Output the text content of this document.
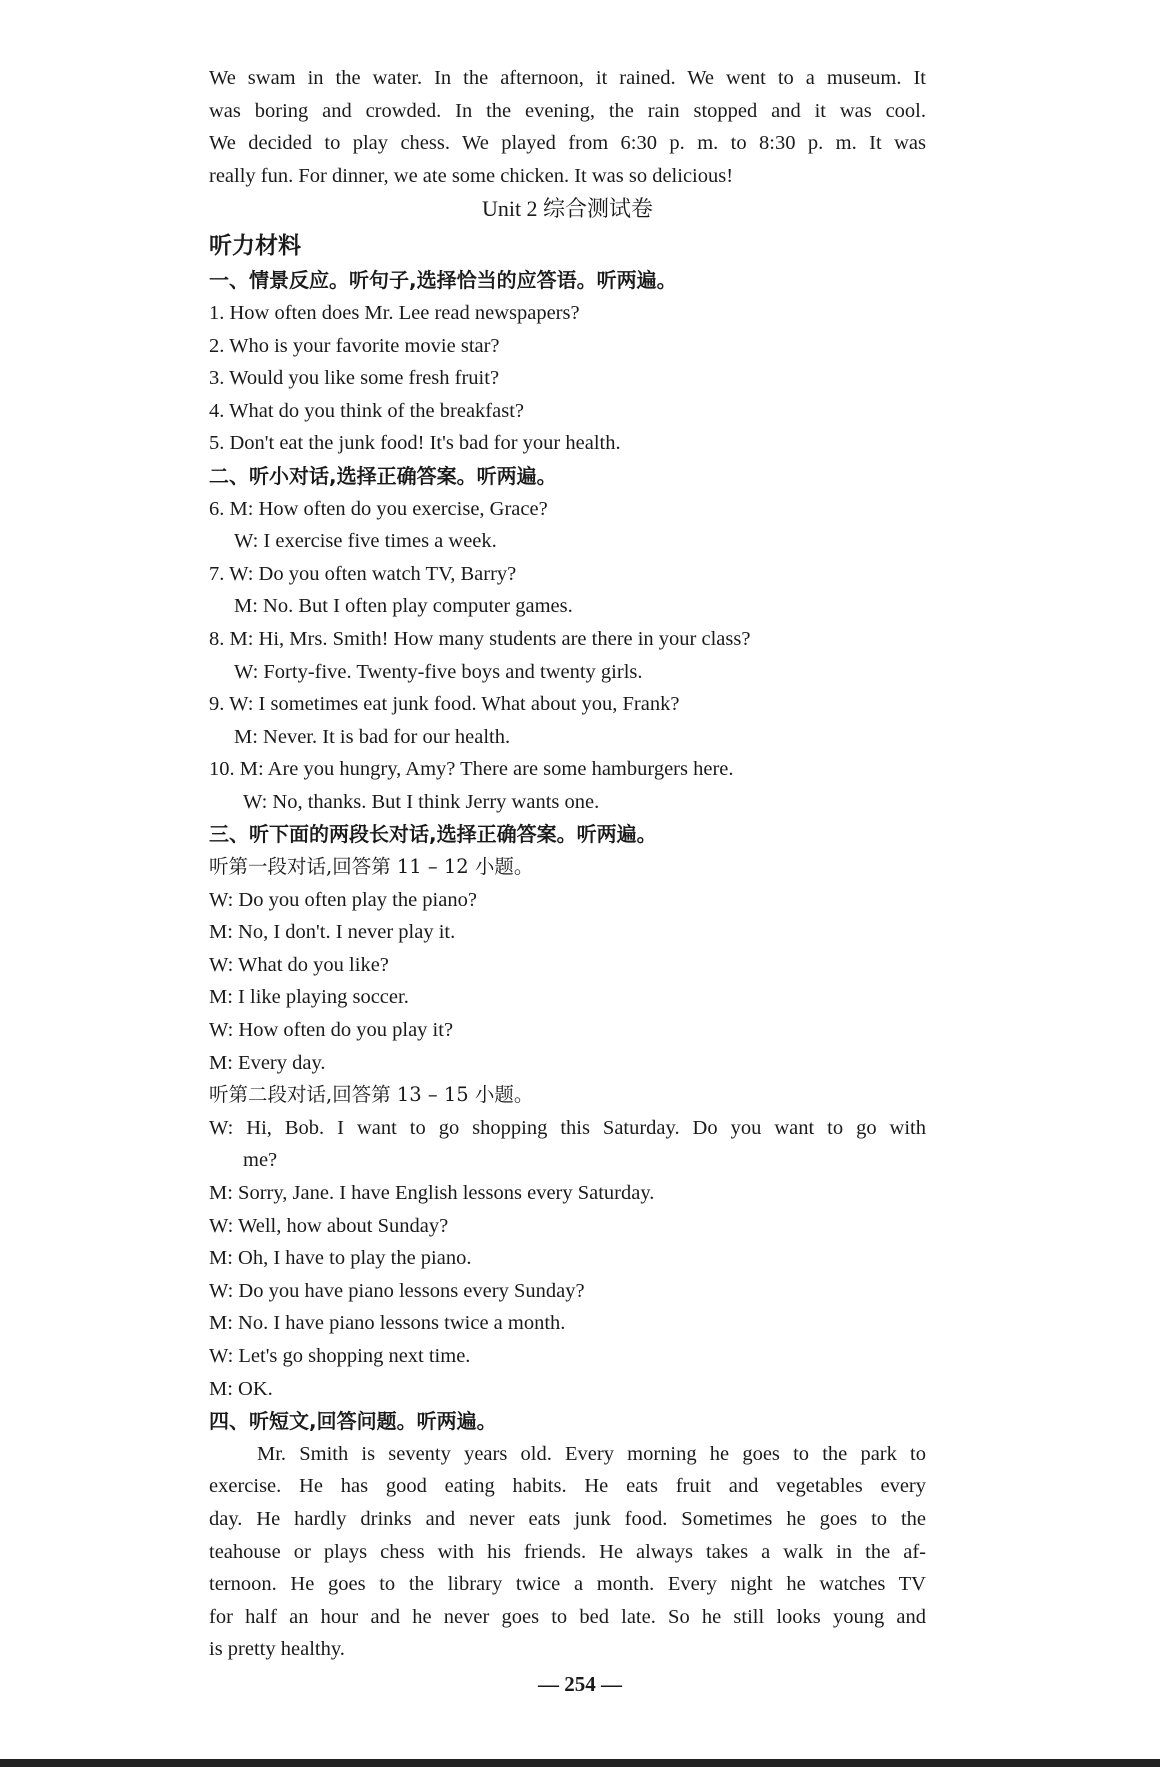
We swam in the water. In the afternoon, it rained. We went to a museum. It
was boring and crowded. In the evening, the rain stopped and it was cool.
We decided to play chess. We played from 6:30 p. m. to 8:30 p. m. It was
really fun. For dinner, we ate some chicken. It was so delicious!
Unit 2 综合测试卷
听力材料
一、情景反应。听句子,选择恰当的应答语。听两遍。
1. How often does Mr. Lee read newspapers?
2. Who is your favorite movie star?
3. Would you like some fresh fruit?
4. What do you think of the breakfast?
5. Don't eat the junk food! It's bad for your health.
二、听小对话,选择正确答案。听两遍。
6. M: How often do you exercise, Grace?
W: I exercise five times a week.
7. W: Do you often watch TV, Barry?
M: No. But I often play computer games.
8. M: Hi, Mrs. Smith! How many students are there in your class?
W: Forty-five. Twenty-five boys and twenty girls.
9. W: I sometimes eat junk food. What about you, Frank?
M: Never. It is bad for our health.
10. M: Are you hungry, Amy? There are some hamburgers here.
W: No, thanks. But I think Jerry wants one.
三、听下面的两段长对话,选择正确答案。听两遍。
听第一段对话,回答第 11 – 12 小题。
W: Do you often play the piano?
M: No, I don't. I never play it.
W: What do you like?
M: I like playing soccer.
W: How often do you play it?
M: Every day.
听第二段对话,回答第 13 – 15 小题。
W: Hi, Bob. I want to go shopping this Saturday. Do you want to go with
me?
M: Sorry, Jane. I have English lessons every Saturday.
W: Well, how about Sunday?
M: Oh, I have to play the piano.
W: Do you have piano lessons every Sunday?
M: No. I have piano lessons twice a month.
W: Let's go shopping next time.
M: OK.
四、听短文,回答问题。听两遍。
Mr. Smith is seventy years old. Every morning he goes to the park to
exercise. He has good eating habits. He eats fruit and vegetables every
day. He hardly drinks and never eats junk food. Sometimes he goes to the
teahouse or plays chess with his friends. He always takes a walk in the af-
ternoon. He goes to the library twice a month. Every night he watches TV
for half an hour and he never goes to bed late. So he still looks young and
is pretty healthy.
— 254 —
